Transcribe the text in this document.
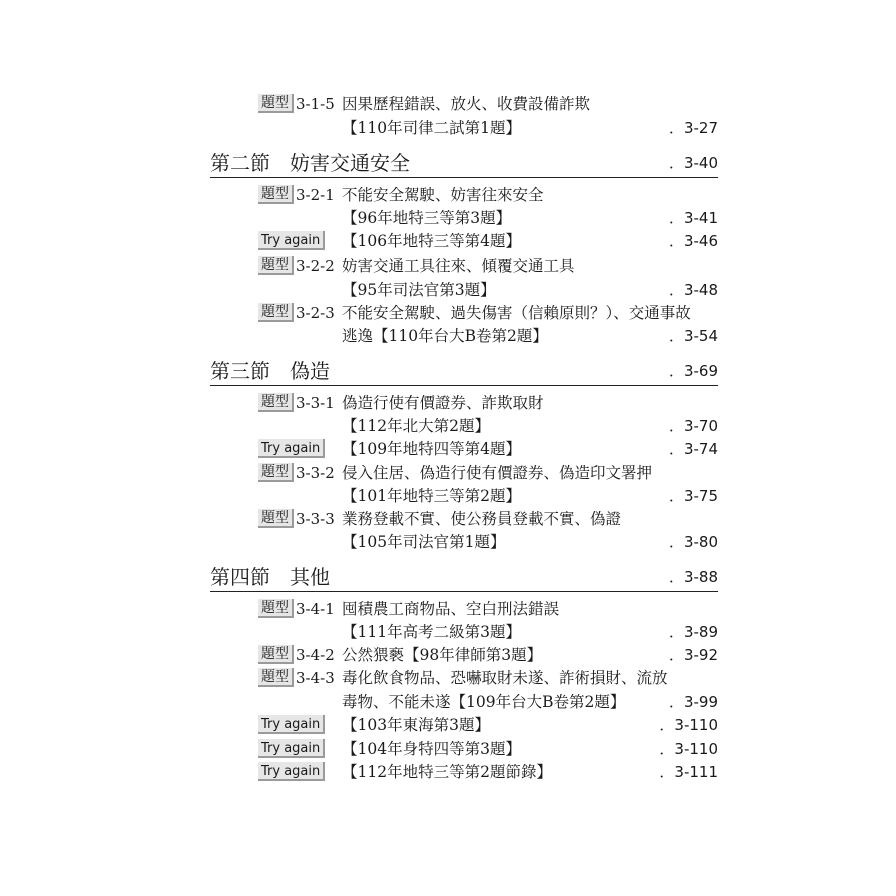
題型 3-1-5 因果歷程錯誤、放火、收費設備詐欺
【110年司律二試第1題】	．3-27
第二節　妨害交通安全	．3-40
題型 3-2-1 不能安全駕駛、妨害往來安全
【96年地特三等第3題】	．3-41
Try again	【106年地特三等第4題】	．3-46
題型 3-2-2 妨害交通工具往來、傾覆交通工具
【95年司法官第3題】	．3-48
題型 3-2-3 不能安全駕駛、過失傷害（信賴原則？）、交通事故
逃逸【110年台大B卷第2題】	．3-54
第三節　偽造	．3-69
題型 3-3-1 偽造行使有價證券、詐欺取財
【112年北大第2題】	．3-70
Try again	【109年地特四等第4題】	．3-74
題型 3-3-2 侵入住居、偽造行使有價證券、偽造印文署押
【101年地特三等第2題】	．3-75
題型 3-3-3 業務登載不實、使公務員登載不實、偽證
【105年司法官第1題】	．3-80
第四節　其他	．3-88
題型 3-4-1 囤積農工商物品、空白刑法錯誤
【111年高考二級第3題】	．3-89
題型 3-4-2 公然猥褻【98年律師第3題】	．3-92
題型 3-4-3 毒化飲食物品、恐嚇取財未遂、詐術損財、流放
毒物、不能未遂【109年台大B卷第2題】	．3-99
Try again	【103年東海第3題】	．3-110
Try again	【104年身特四等第3題】	．3-110
Try again	【112年地特三等第2題節錄】	．3-111
